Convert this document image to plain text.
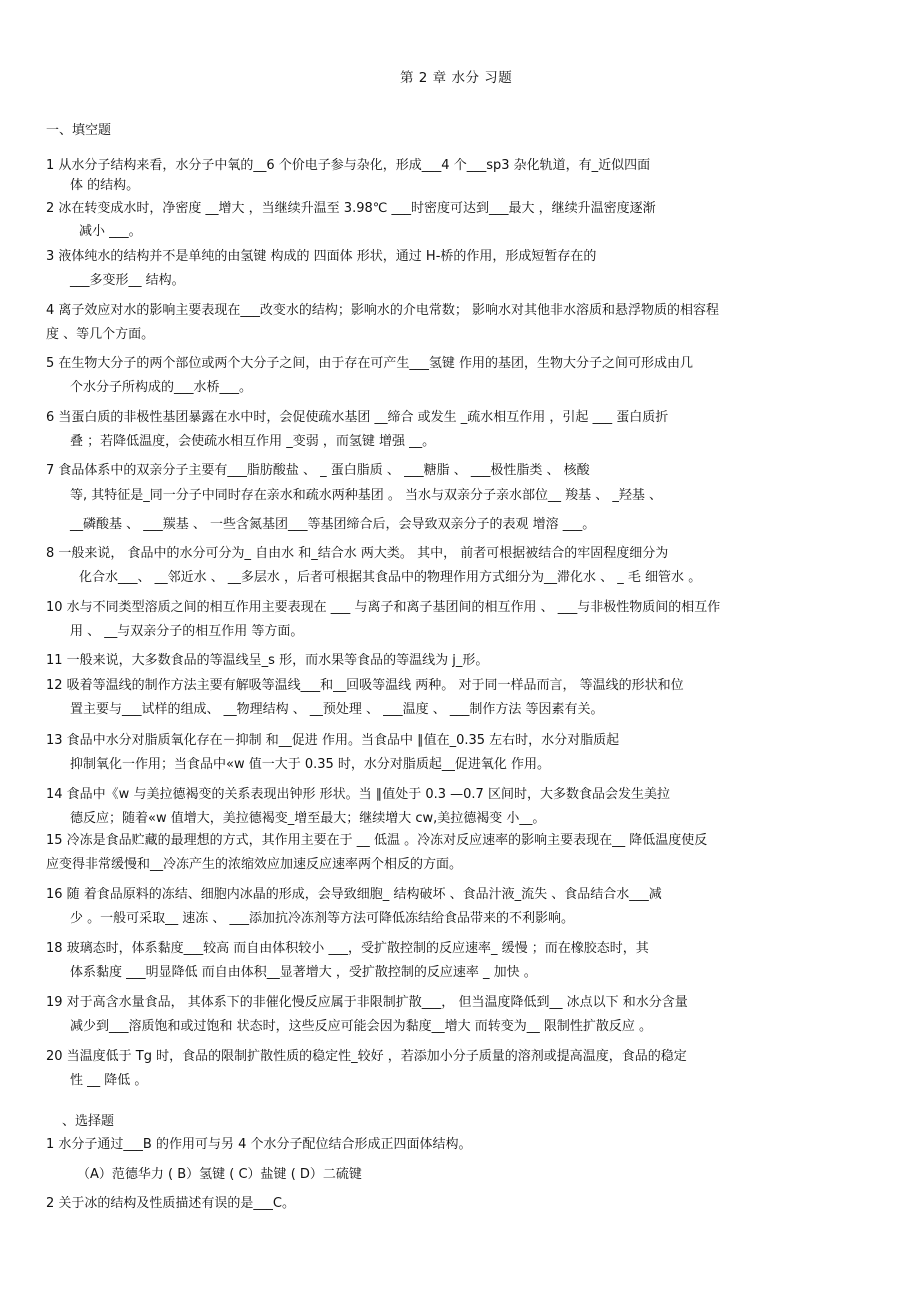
第 2 章 水分 习题
一、填空题
1 从水分子结构来看，水分子中氧的__6 个价电子参与杂化，形成___4 个___sp3 杂化轨道，有_近似四面
体 的结构。
2 冰在转变成水时，净密度 __增大 ，当继续升温至 3.98℃ ___时密度可达到___最大 ，继续升温密度逐渐
减小 ___。
3 液体纯水的结构并不是单纯的由氢键 构成的 四面体 形状，通过 H-桥的作用，形成短暂存在的
___多变形__ 结构。
4 离子效应对水的影响主要表现在___改变水的结构；影响水的介电常数； 影响水对其他非水溶质和悬浮物质的相容程
度 、等几个方面。
5 在生物大分子的两个部位或两个大分子之间，由于存在可产生___氢键 作用的基团，生物大分子之间可形成由几
个水分子所构成的___水桥___。
6 当蛋白质的非极性基团暴露在水中时，会促使疏水基团 __缔合 或发生 _疏水相互作用 ，引起 ___ 蛋白质折
叠 ；若降低温度，会使疏水相互作用 _变弱 ，而氢键 增强 __。
7 食品体系中的双亲分子主要有___脂肪酸盐 、 _ 蛋白脂质 、 ___糖脂 、 ___极性脂类 、 核酸
等, 其特征是_同一分子中同时存在亲水和疏水两种基团 。 当水与双亲分子亲水部位__ 羧基 、 _羟基 、
__磷酸基 、 ___羰基 、 一些含氮基团___等基团缔合后，会导致双亲分子的表观 增溶 ___。
8 一般来说， 食品中的水分可分为_ 自由水 和_结合水 两大类。 其中， 前者可根据被结合的牢固程度细分为
化合水___、 __邻近水 、 __多层水 ，后者可根据其食品中的物理作用方式细分为__滞化水 、 _ 毛 细管水 。
10 水与不同类型溶质之间的相互作用主要表现在 ___ 与离子和离子基团间的相互作用 、 ___与非极性物质间的相互作
用 、 __与双亲分子的相互作用 等方面。
11 一般来说，大多数食品的等温线呈_s 形，而水果等食品的等温线为 j_形。
12 吸着等温线的制作方法主要有解吸等温线___和__回吸等温线 两种。 对于同一样品而言， 等温线的形状和位
置主要与___试样的组成、 __物理结构 、 __预处理 、 ___温度 、 ___制作方法 等因素有关。
13 食品中水分对脂质氧化存在－抑制 和__促进 作用。当食品中 ∥值在_0.35 左右时，水分对脂质起
抑制氧化一作用；当食品中«w 值一大于 0.35 时，水分对脂质起__促进氧化 作用。
14 食品中《w 与美拉德褐变的关系表现出钟形 形状。当 ∥值处于 0.3 —0.7 区间时，大多数食品会发生美拉
德反应；随着«w 值增大，美拉德褐变_增至最大；继续增大 cw,美拉德褐变 小__。
15 冷冻是食品贮藏的最理想的方式，其作用主要在于 __ 低温 。冷冻对反应速率的影响主要表现在__ 降低温度使反
应变得非常缓慢和__冷冻产生的浓缩效应加速反应速率两个相反的方面。
16 随 着食品原料的冻结、细胞内冰晶的形成，会导致细胞_ 结构破坏 、食品汁液_流失 、食品结合水___减
少 。一般可采取__ 速冻 、 ___添加抗冷冻剂等方法可降低冻结给食品带来的不利影响。
18 玻璃态时，体系黏度___较高 而自由体积较小 ___，受扩散控制的反应速率_ 缓慢 ；而在橡胶态时，其
体系黏度 ___明显降低 而自由体积__显著增大 ，受扩散控制的反应速率 _ 加快 。
19 对于高含水量食品， 其体系下的非催化慢反应属于非限制扩散___， 但当温度降低到__ 冰点以下 和水分含量
减少到___溶质饱和或过饱和 状态时，这些反应可能会因为黏度__增大 而转变为__ 限制性扩散反应 。
20 当温度低于 Tg 时，食品的限制扩散性质的稳定性_较好 ，若添加小分子质量的溶剂或提高温度，食品的稳定
性 __ 降低 。
、选择题
1 水分子通过___B 的作用可与另 4 个水分子配位结合形成正四面体结构。
（A）范德华力 ( B）氢键 ( C）盐键 ( D）二硫键
2 关于冰的结构及性质描述有误的是___C。
